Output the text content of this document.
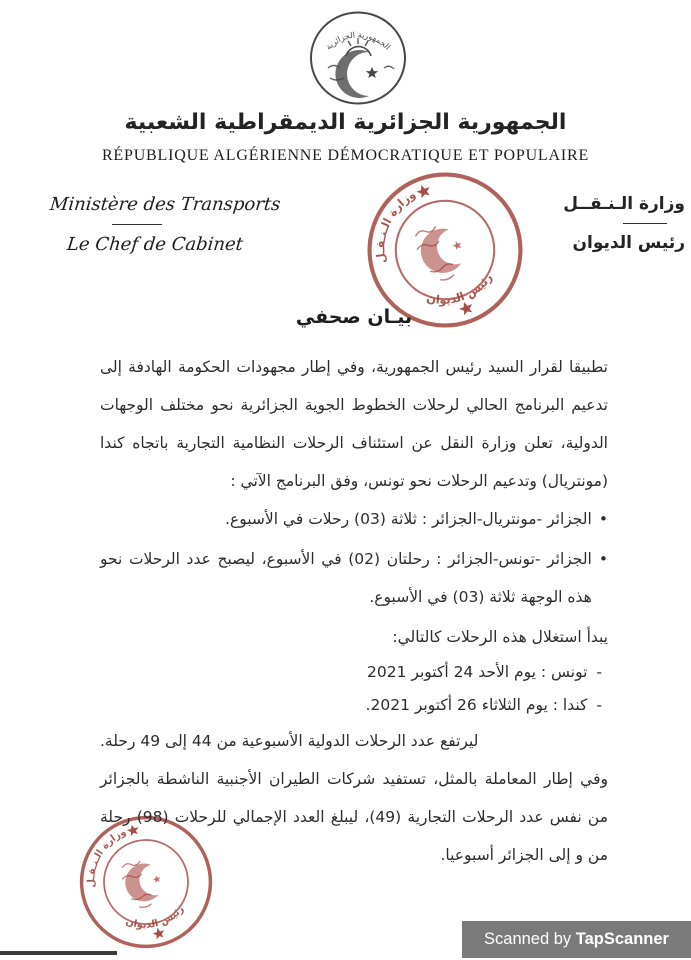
الجمهورية الجزائرية
الجمهورية الجزائرية الديمقراطية الشعبية
RÉPUBLIQUE ALGÉRIENNE DÉMOCRATIQUE ET POPULAIRE
Ministère des Transports
Le Chef de Cabinet
وزارة الـنـقــل
رئيس الديوان
وزارة الـنـقـل
رئيس الديوان
بيـان صحفي

تطبيقا لقرار السيد رئيس الجمهورية، وفي إطار مجهودات الحكومة الهادفة إلى تدعيم البرنامج الحالي لرحلات الخطوط الجوية الجزائرية نحو مختلف الوجهات الدولية، تعلن وزارة النقل عن استئناف الرحلات النظامية التجارية باتجاه كندا (مونتريال) وتدعيم الرحلات نحو تونس، وفق البرنامج الآتي :

•

الجزائر -مونتريال-الجزائر : ثلاثة (03) رحلات في الأسبوع.

•

الجزائر -تونس-الجزائر : رحلتان (02) في الأسبوع، ليصبح عدد الرحلات نحو هذه الوجهة ثلاثة (03) في الأسبوع.

يبدأ استغلال هذه الرحلات كالتالي:

-
تونس : يوم الأحد 24 أكتوبر 2021
-
كندا : يوم الثلاثاء 26 أكتوبر 2021.

ليرتفع عدد الرحلات الدولية الأسبوعية من 44 إلى 49 رحلة.

وفي إطار المعاملة بالمثل، تستفيد شركات الطيران الأجنبية الناشطة بالجزائر من نفس عدد الرحلات التجارية (49)، ليبلغ العدد الإجمالي للرحلات (98) رحلة من و إلى الجزائر أسبوعيا.

Scanned by TapScanner
